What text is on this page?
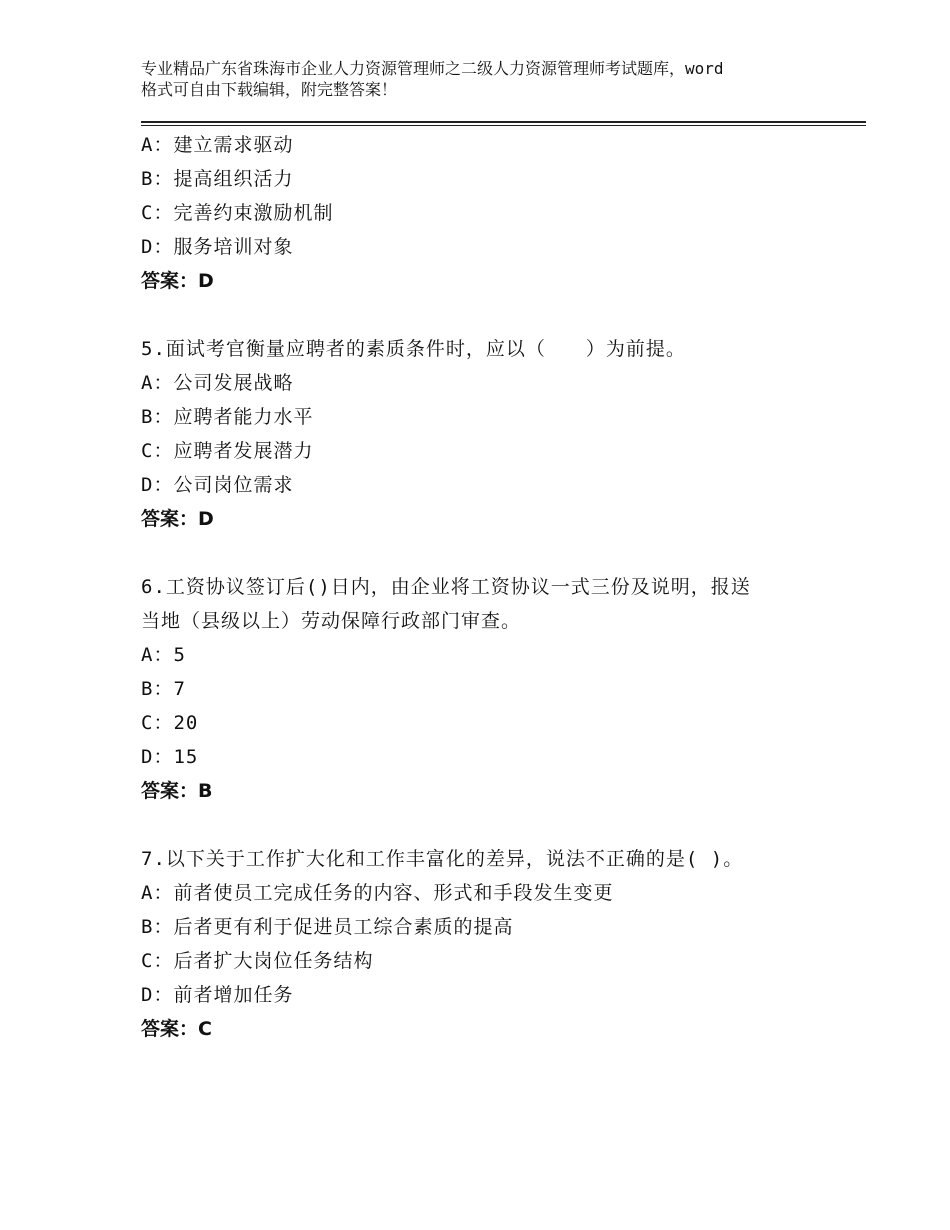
专业精品广东省珠海市企业人力资源管理师之二级人力资源管理师考试题库，word
格式可自由下载编辑，附完整答案！
A：建立需求驱动
B：提高组织活力
C：完善约束激励机制
D：服务培训对象
答案：D
5.面试考官衡量应聘者的素质条件时，应以（　　）为前提。
A：公司发展战略
B：应聘者能力水平
C：应聘者发展潜力
D：公司岗位需求
答案：D
6.工资协议签订后()日内，由企业将工资协议一式三份及说明，报送
当地（县级以上）劳动保障行政部门审查。
A：5
B：7
C：20
D：15
答案：B
7.以下关于工作扩大化和工作丰富化的差异，说法不正确的是( )。
A：前者使员工完成任务的内容、形式和手段发生变更
B：后者更有利于促进员工综合素质的提高
C：后者扩大岗位任务结构
D：前者增加任务
答案：C
